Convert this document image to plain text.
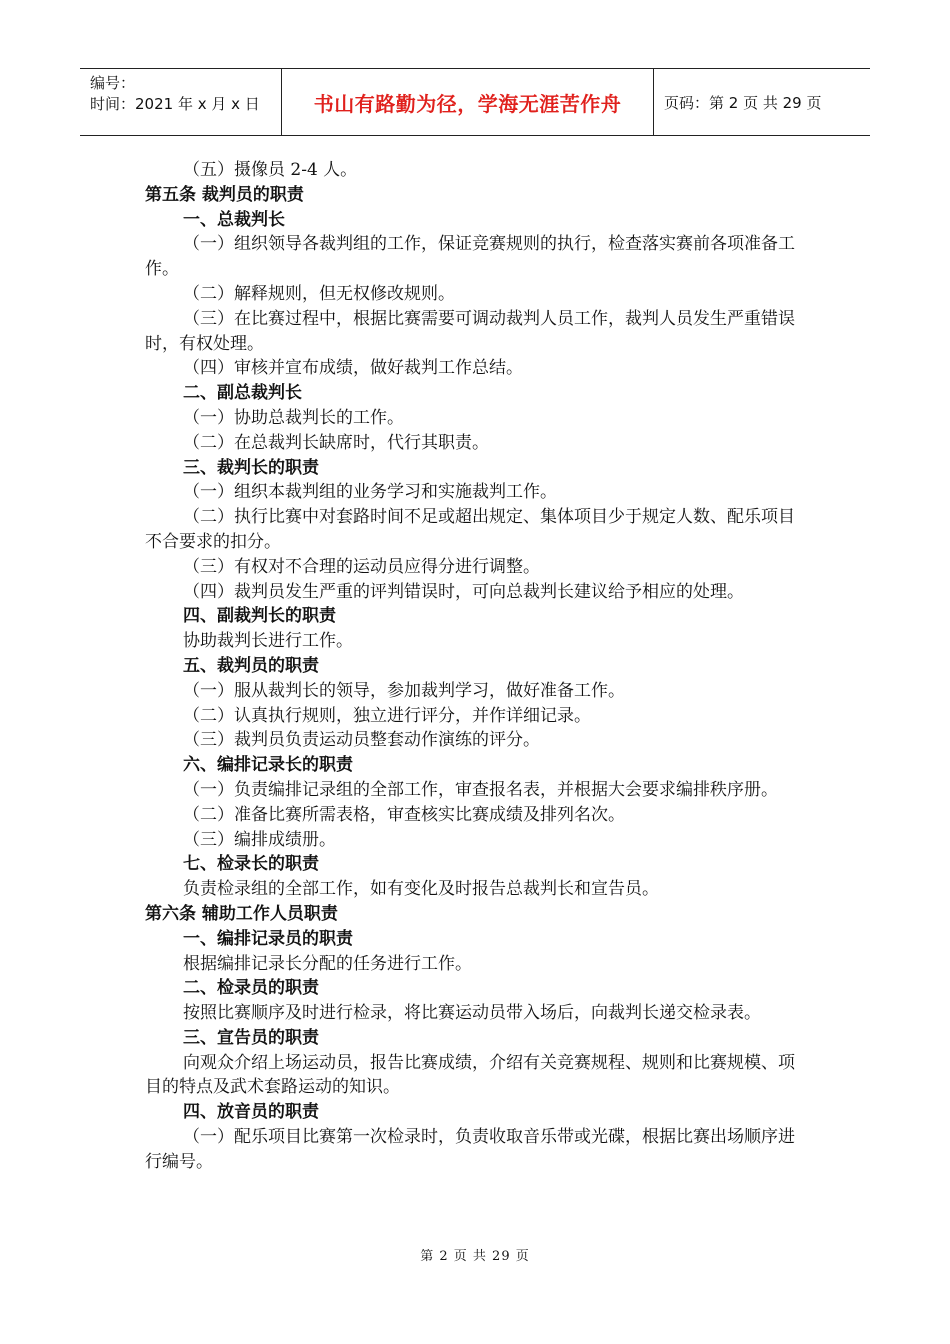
编号：
时间：2021 年 x 月 x 日	书山有路勤为径，学海无涯苦作舟	页码：第 2 页 共 29 页

（五）摄像员 2-4 人。

第五条 裁判员的职责

一、总裁判长

（一）组织领导各裁判组的工作，保证竞赛规则的执行，检查落实赛前各项准备工作。

（二）解释规则，但无权修改规则。

（三）在比赛过程中，根据比赛需要可调动裁判人员工作，裁判人员发生严重错误时，有权处理。

（四）审核并宣布成绩，做好裁判工作总结。

二、副总裁判长

（一）协助总裁判长的工作。

（二）在总裁判长缺席时，代行其职责。

三、裁判长的职责

（一）组织本裁判组的业务学习和实施裁判工作。

（二）执行比赛中对套路时间不足或超出规定、集体项目少于规定人数、配乐项目不合要求的扣分。

（三）有权对不合理的运动员应得分进行调整。

（四）裁判员发生严重的评判错误时，可向总裁判长建议给予相应的处理。

四、副裁判长的职责

协助裁判长进行工作。

五、裁判员的职责

（一）服从裁判长的领导，参加裁判学习，做好准备工作。

（二）认真执行规则，独立进行评分，并作详细记录。

（三）裁判员负责运动员整套动作演练的评分。

六、编排记录长的职责

（一）负责编排记录组的全部工作，审查报名表，并根据大会要求编排秩序册。

（二）准备比赛所需表格，审查核实比赛成绩及排列名次。

（三）编排成绩册。

七、检录长的职责

负责检录组的全部工作，如有变化及时报告总裁判长和宣告员。

第六条 辅助工作人员职责

一、编排记录员的职责

根据编排记录长分配的任务进行工作。

二、检录员的职责

按照比赛顺序及时进行检录，将比赛运动员带入场后，向裁判长递交检录表。

三、宣告员的职责

向观众介绍上场运动员，报告比赛成绩，介绍有关竞赛规程、规则和比赛规模、项目的特点及武术套路运动的知识。

四、放音员的职责

（一）配乐项目比赛第一次检录时，负责收取音乐带或光碟，根据比赛出场顺序进行编号。

第 2 页 共 29 页
